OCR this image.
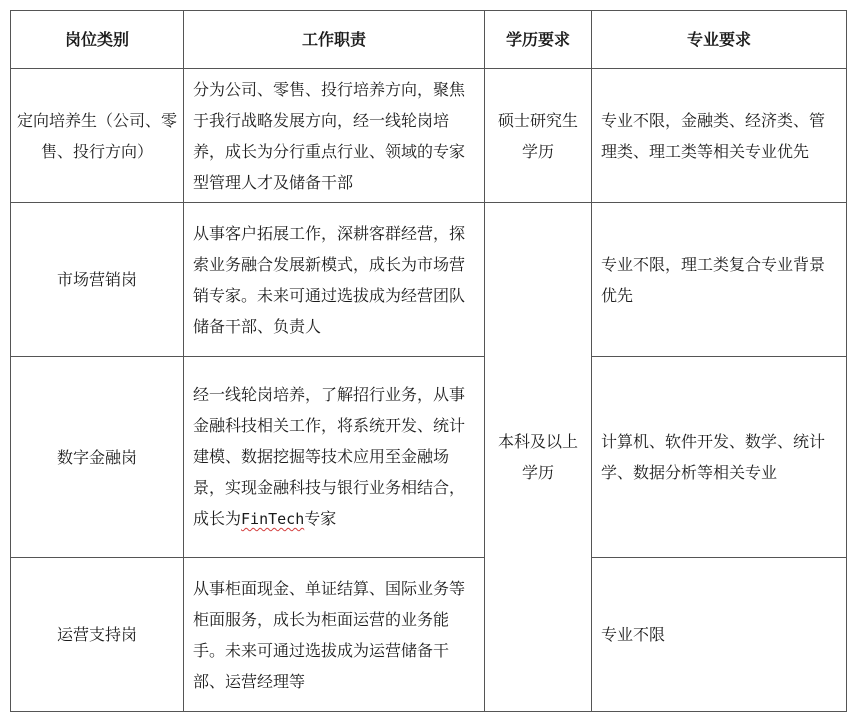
岗位类别	工作职责	学历要求	专业要求
定向培养生（公司、零售、投行方向）	分为公司、零售、投行培养方向，聚焦于我行战略发展方向，经一线轮岗培养，成长为分行重点行业、领域的专家型管理人才及储备干部	硕士研究生学历	专业不限，金融类、经济类、管理类、理工类等相关专业优先
市场营销岗	从事客户拓展工作，深耕客群经营，探索业务融合发展新模式，成长为市场营销专家。未来可通过选拔成为经营团队储备干部、负责人	本科及以上学历	专业不限，理工类复合专业背景优先
数字金融岗	经一线轮岗培养，了解招行业务，从事金融科技相关工作，将系统开发、统计建模、数据挖掘等技术应用至金融场景，实现金融科技与银行业务相结合，成长为FinTech专家		计算机、软件开发、数学、统计学、数据分析等相关专业
运营支持岗	从事柜面现金、单证结算、国际业务等柜面服务，成长为柜面运营的业务能手。未来可通过选拔成为运营储备干部、运营经理等		专业不限
